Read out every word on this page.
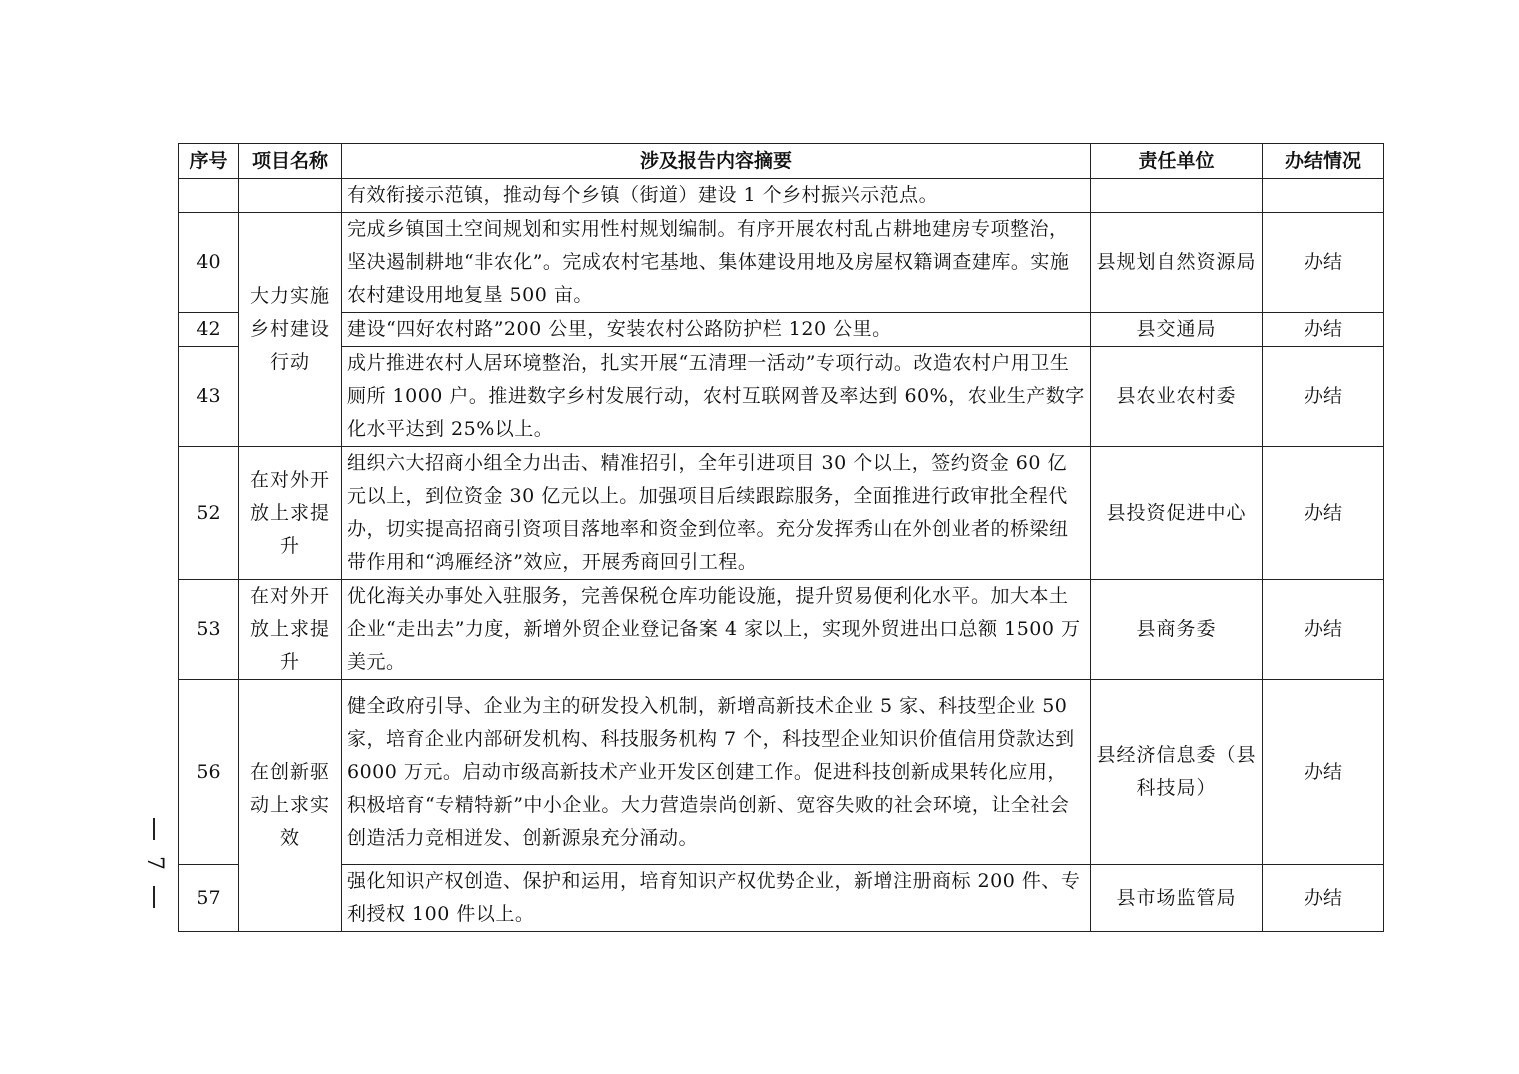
序号	项目名称	涉及报告内容摘要	责任单位	办结情况
		有效衔接示范镇，推动每个乡镇（街道）建设 1 个乡村振兴示范点。		
40	大力实施乡村建设行动	完成乡镇国土空间规划和实用性村规划编制。有序开展农村乱占耕地建房专项整治，坚决遏制耕地“非农化”。完成农村宅基地、集体建设用地及房屋权籍调查建库。实施农村建设用地复垦 500 亩。	县规划自然资源局	办结
42		建设“四好农村路”200 公里，安装农村公路防护栏 120 公里。	县交通局	办结
43		成片推进农村人居环境整治，扎实开展“五清理一活动”专项行动。改造农村户用卫生厕所 1000 户。推进数字乡村发展行动，农村互联网普及率达到 60%，农业生产数字化水平达到 25%以上。	县农业农村委	办结
52	在对外开放上求提升	组织六大招商小组全力出击、精准招引，全年引进项目 30 个以上，签约资金 60 亿元以上，到位资金 30 亿元以上。加强项目后续跟踪服务，全面推进行政审批全程代办，切实提高招商引资项目落地率和资金到位率。充分发挥秀山在外创业者的桥梁纽带作用和“鸿雁经济”效应，开展秀商回引工程。	县投资促进中心	办结
53	在对外开放上求提升	优化海关办事处入驻服务，完善保税仓库功能设施，提升贸易便利化水平。加大本土企业“走出去”力度，新增外贸企业登记备案 4 家以上，实现外贸进出口总额 1500 万美元。	县商务委	办结
56	在创新驱动上求实效	健全政府引导、企业为主的研发投入机制，新增高新技术企业 5 家、科技型企业 50 家，培育企业内部研发机构、科技服务机构 7 个，科技型企业知识价值信用贷款达到 6000 万元。启动市级高新技术产业开发区创建工作。促进科技创新成果转化应用，积极培育“专精特新”中小企业。大力营造崇尚创新、宽容失败的社会环境，让全社会创造活力竞相迸发、创新源泉充分涌动。	县经济信息委（县科技局）	办结
57		强化知识产权创造、保护和运用，培育知识产权优势企业，新增注册商标 200 件、专利授权 100 件以上。	县市场监管局	办结
7
